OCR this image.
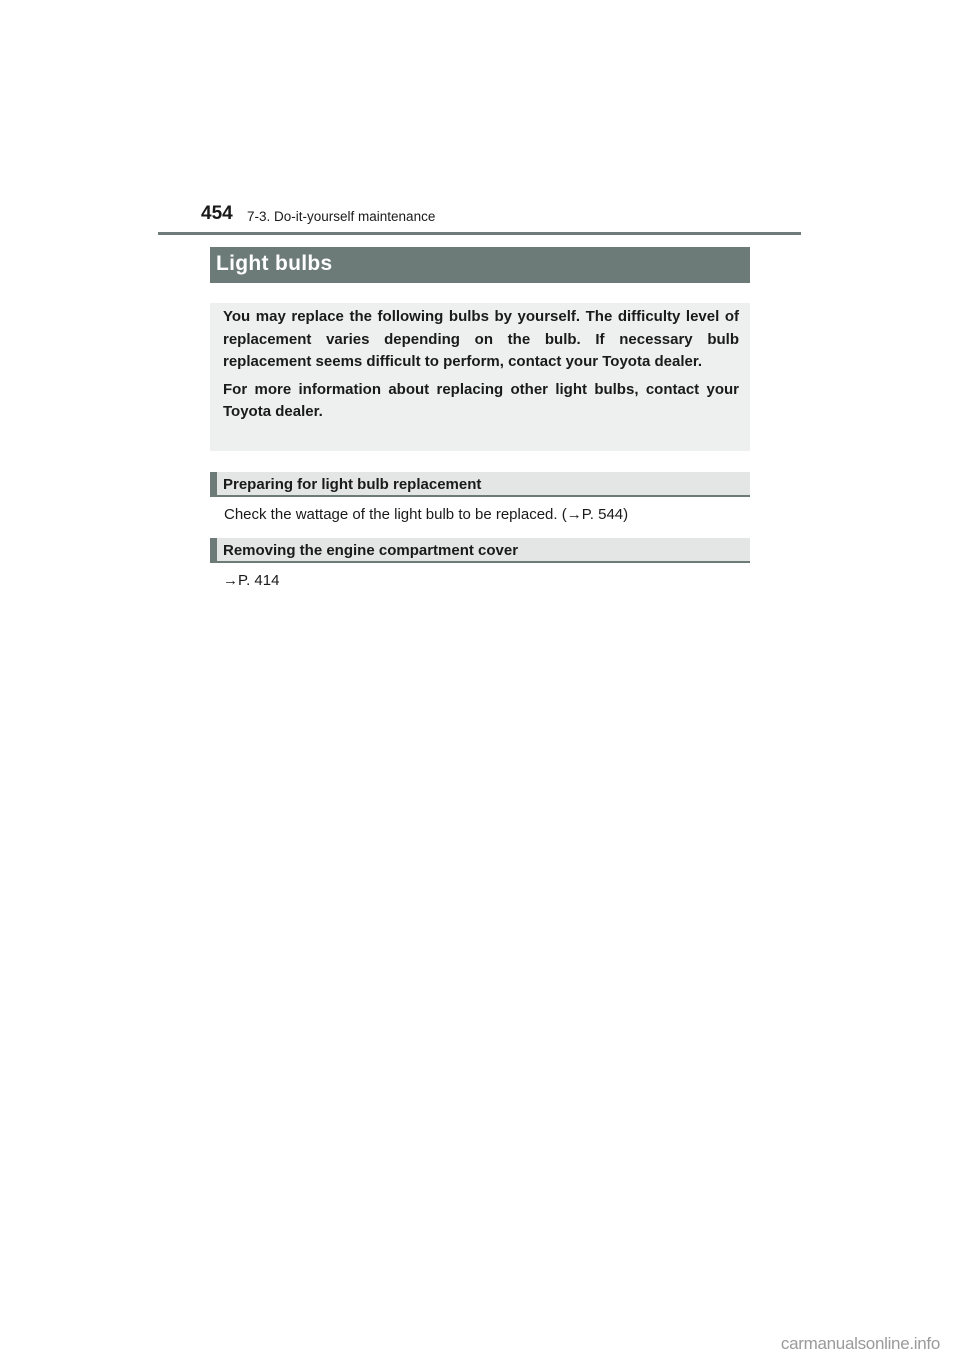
454 7-3. Do-it-yourself maintenance
Light bulbs

You may replace the following bulbs by yourself. The difficulty level of replacement varies depending on the bulb. If necessary bulb replacement seems difficult to perform, contact your Toyota dealer.

For more information about replacing other light bulbs, contact your Toyota dealer.

Preparing for light bulb replacement
Check the wattage of the light bulb to be replaced. (→P. 544)
Removing the engine compartment cover
→P. 414
carmanualsonline.info
